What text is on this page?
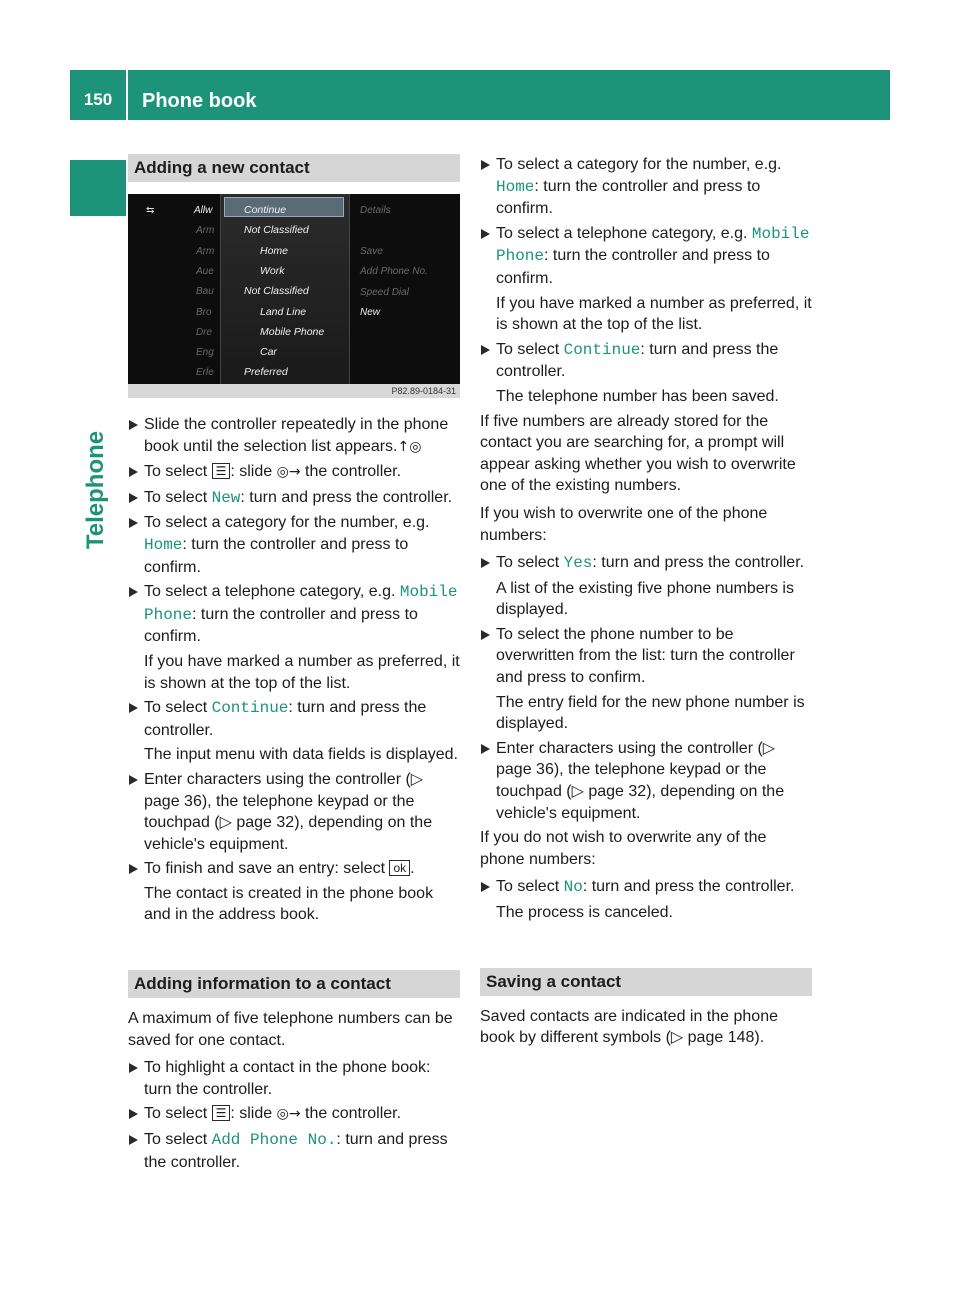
150	Phone book
Telephone
Adding a new contact
⇆	Allw
Arm
Arm
Aue
Bau
Bro
Dre
Eng
Erle
Continue
Not Classified
Home
Work
Not Classified
Land Line
Mobile Phone
Car
Preferred
Details
Save
Add Phone No.
Speed Dial
New
P82.89-0184-31
Slide the controller repeatedly in the phone book until the selection list appears.↑◎
To select ☰ : slide ◎→ the controller.
To select New: turn and press the controller.
To select a category for the number, e.g. Home: turn the controller and press to confirm.
To select a telephone category, e.g. Mobile Phone: turn the controller and press to confirm.
If you have marked a number as preferred, it is shown at the top of the list.
To select Continue: turn and press the controller.
The input menu with data fields is displayed.
Enter characters using the controller (▷ page 36), the telephone keypad or the touchpad (▷ page 32), depending on the vehicle's equipment.
To finish and save an entry: select ok .
The contact is created in the phone book and in the address book.
Adding information to a contact
A maximum of five telephone numbers can be saved for one contact.
To highlight a contact in the phone book: turn the controller.
To select ☰ : slide ◎→ the controller.
To select Add Phone No.: turn and press the controller.
To select a category for the number, e.g. Home: turn the controller and press to confirm.
To select a telephone category, e.g. Mobile Phone: turn the controller and press to confirm.
If you have marked a number as preferred, it is shown at the top of the list.
To select Continue: turn and press the controller.
The telephone number has been saved.
If five numbers are already stored for the contact you are searching for, a prompt will appear asking whether you wish to overwrite one of the existing numbers.
If you wish to overwrite one of the phone numbers:
To select Yes: turn and press the controller.
A list of the existing five phone numbers is displayed.
To select the phone number to be overwritten from the list: turn the controller and press to confirm.
The entry field for the new phone number is displayed.
Enter characters using the controller (▷ page 36), the telephone keypad or the touchpad (▷ page 32), depending on the vehicle's equipment.
If you do not wish to overwrite any of the phone numbers:
To select No: turn and press the controller.
The process is canceled.
Saving a contact
Saved contacts are indicated in the phone book by different symbols (▷ page 148).
